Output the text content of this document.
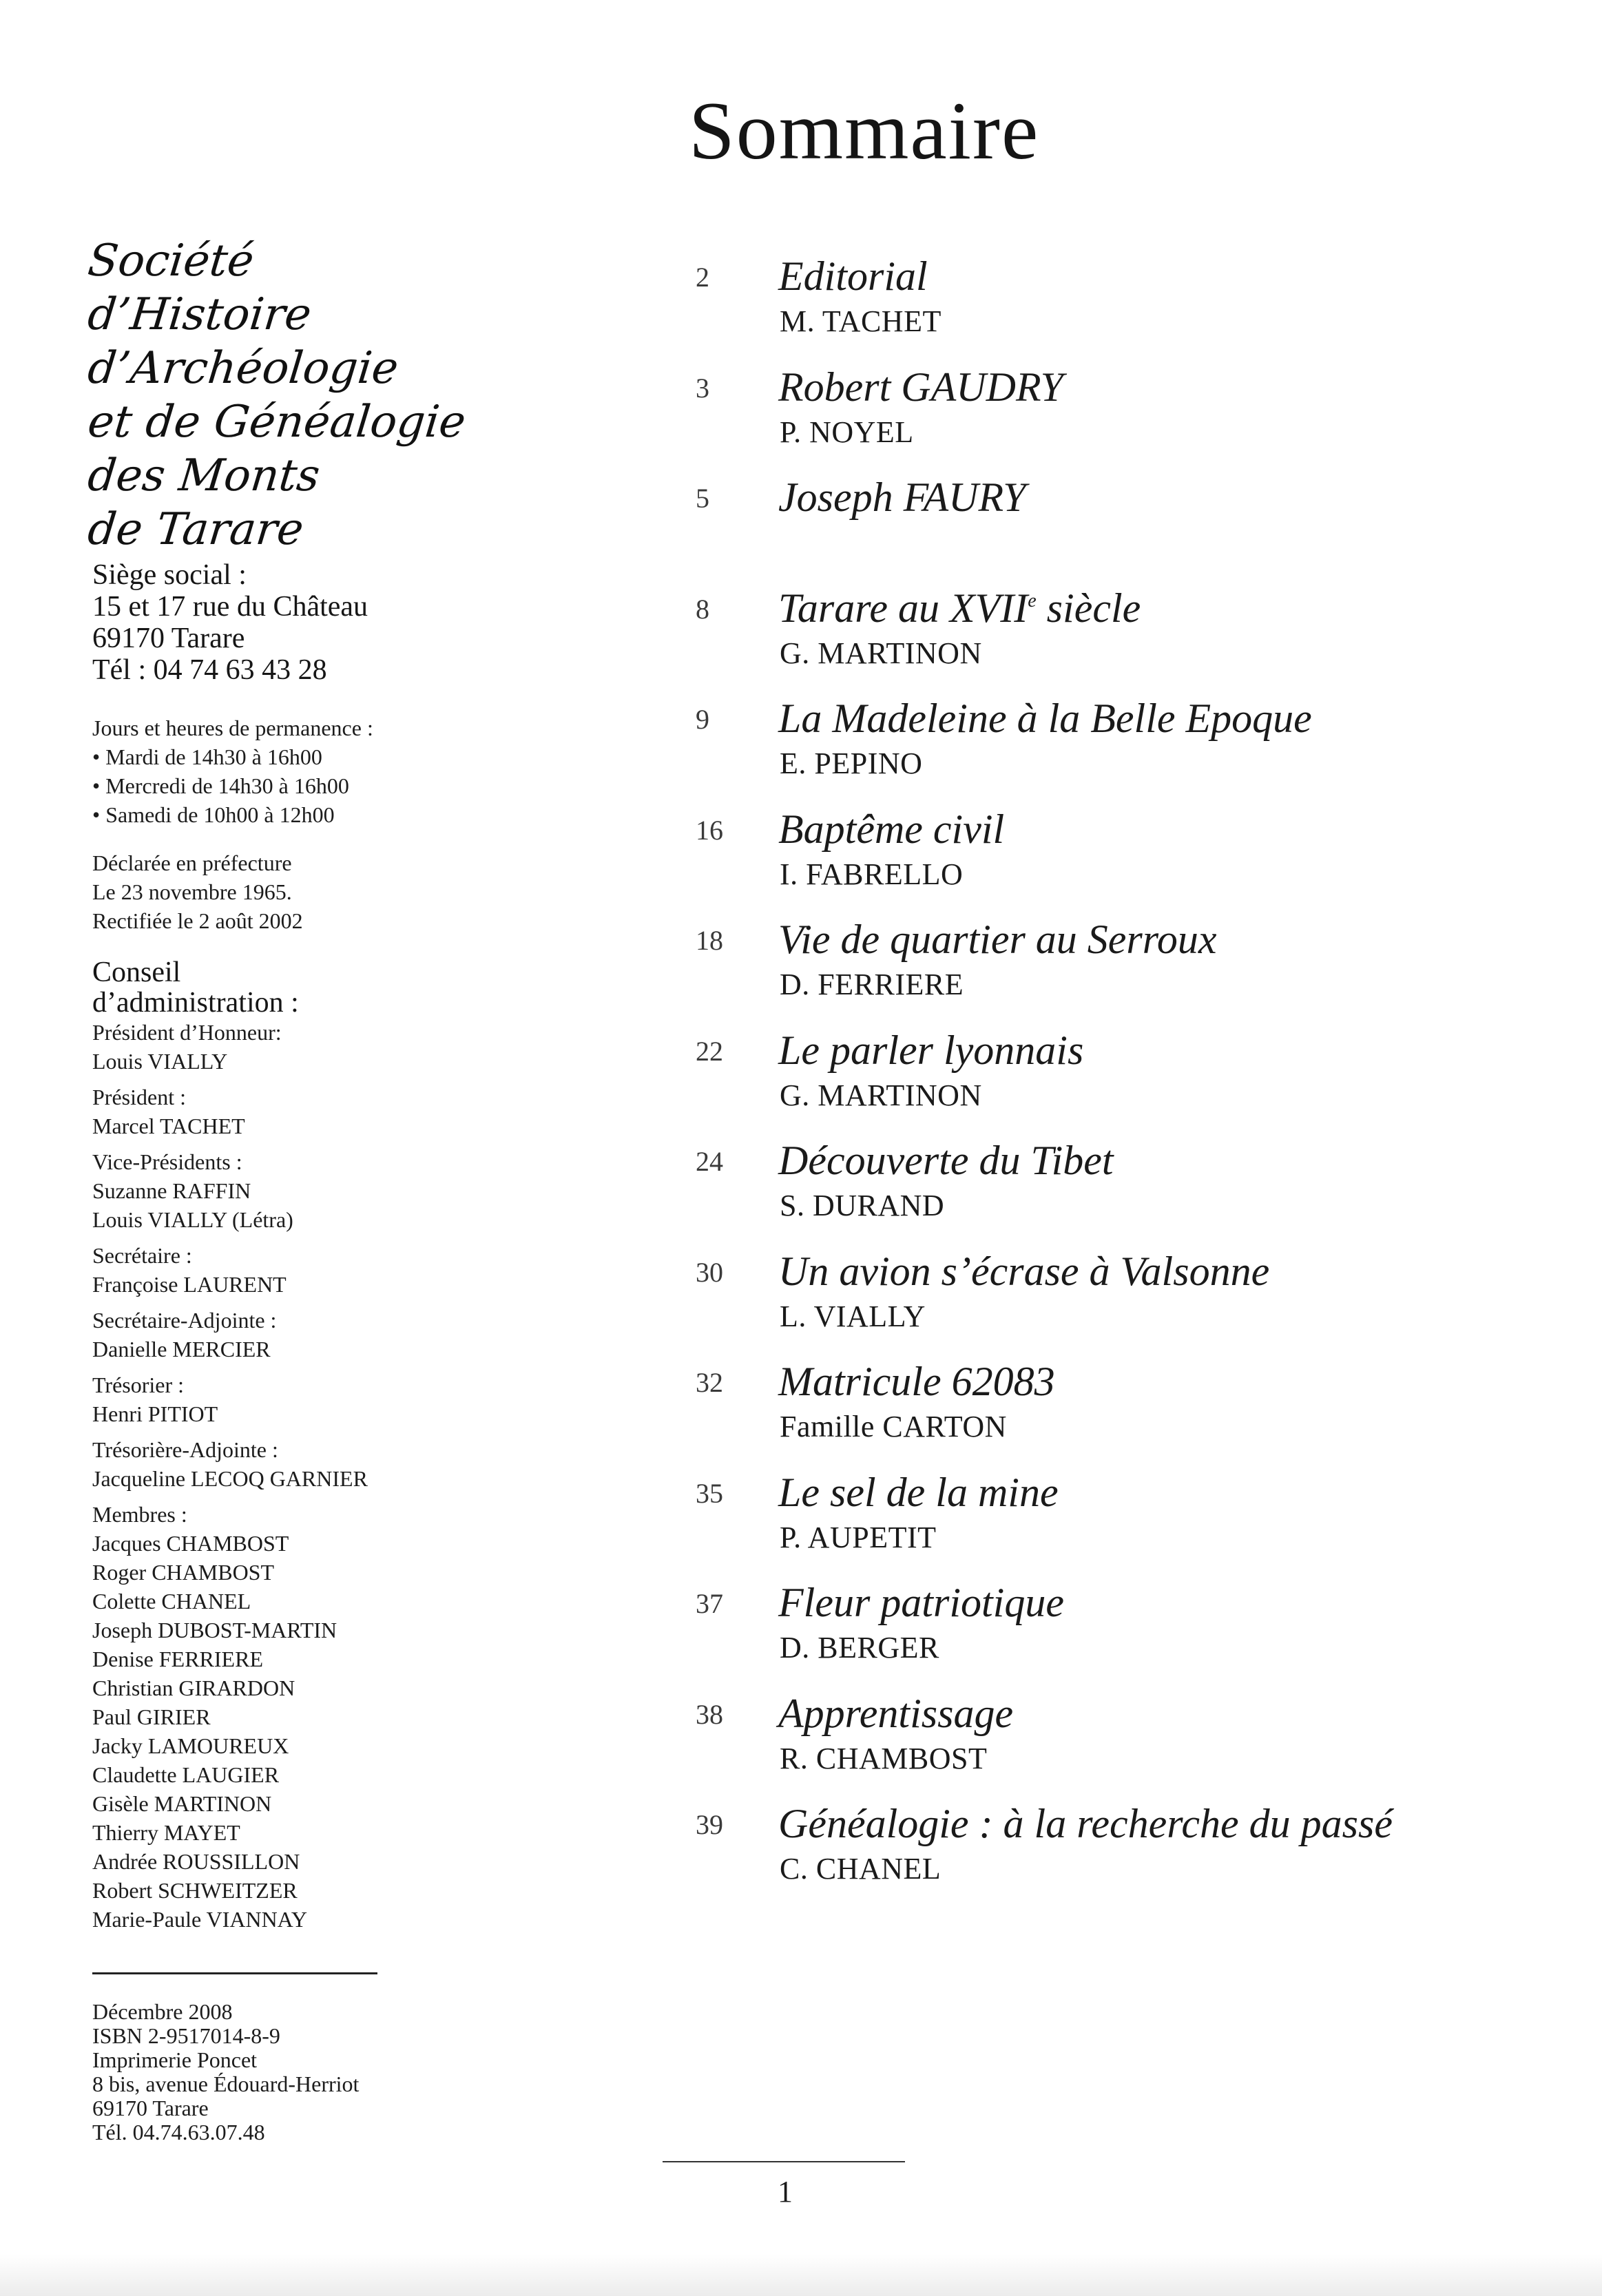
Sommaire
Société
d’Histoire
d’Archéologie
et de Généalogie
des Monts
de Tarare
Siège social :
15 et 17 rue du Château
69170 Tarare
Tél : 04 74 63 43 28
Jours et heures de permanence :
• Mardi de 14h30 à 16h00
• Mercredi de 14h30 à 16h00
• Samedi de 10h00 à 12h00
Déclarée en préfecture
Le 23 novembre 1965.
Rectifiée le 2 août 2002
Conseil
d’administration :
Président d’Honneur:
Louis VIALLY
Président :
Marcel TACHET
Vice-Présidents :
Suzanne RAFFIN
Louis VIALLY (Létra)
Secrétaire :
Françoise LAURENT
Secrétaire-Adjointe :
Danielle MERCIER
Trésorier :
Henri PITIOT
Trésorière-Adjointe :
Jacqueline LECOQ GARNIER
Membres :
Jacques CHAMBOST
Roger CHAMBOST
Colette CHANEL
Joseph DUBOST-MARTIN
Denise FERRIERE
Christian GIRARDON
Paul GIRIER
Jacky LAMOUREUX
Claudette LAUGIER
Gisèle MARTINON
Thierry MAYET
Andrée ROUSSILLON
Robert SCHWEITZER
Marie-Paule VIANNAY
Décembre 2008
ISBN 2-9517014-8-9
Imprimerie Poncet
8 bis, avenue Édouard-Herriot
69170 Tarare
Tél. 04.74.63.07.48
2	Editorial
M. TACHET
3	Robert GAUDRY
P. NOYEL
5	Joseph FAURY
8	Tarare au XVIIe siècle
G. MARTINON
9	La Madeleine à la Belle Epoque
E. PEPINO
16	Baptême civil
I. FABRELLO
18	Vie de quartier au Serroux
D. FERRIERE
22	Le parler lyonnais
G. MARTINON
24	Découverte du Tibet
S. DURAND
30	Un avion s’écrase à Valsonne
L. VIALLY
32	Matricule 62083
Famille CARTON
35	Le sel de la mine
P. AUPETIT
37	Fleur patriotique
D. BERGER
38	Apprentissage
R. CHAMBOST
39	Généalogie : à la recherche du passé
C. CHANEL
1
